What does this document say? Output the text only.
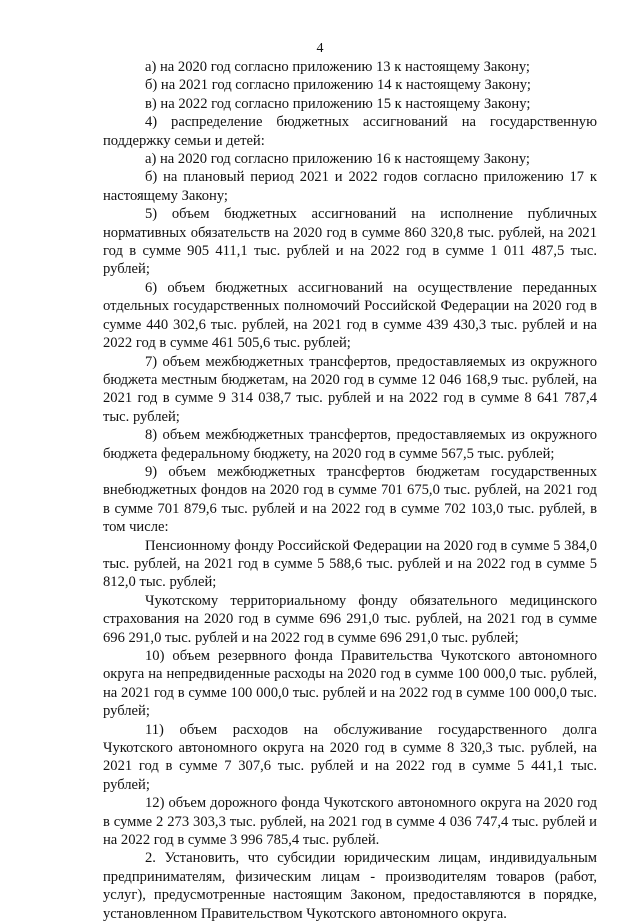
4

а) на 2020 год согласно приложению 13 к настоящему Закону;

б) на 2021 год согласно приложению 14 к настоящему Закону;

в) на 2022 год согласно приложению 15 к настоящему Закону;

4) распределение бюджетных ассигнований на государственную поддержку семьи и детей:

а) на 2020 год согласно приложению 16 к настоящему Закону;

б) на плановый период 2021 и 2022 годов согласно приложению 17 к настоящему Закону;

5) объем бюджетных ассигнований на исполнение публичных нормативных обязательств на 2020 год в сумме 860 320,8 тыс. рублей, на 2021 год в сумме 905 411,1 тыс. рублей и на 2022 год в сумме 1 011 487,5 тыс. рублей;

6) объем бюджетных ассигнований на осуществление переданных отдельных государственных полномочий Российской Федерации на 2020 год в сумме 440 302,6 тыс. рублей, на 2021 год в сумме 439 430,3 тыс. рублей и на 2022 год в сумме 461 505,6 тыс. рублей;

7) объем межбюджетных трансфертов, предоставляемых из окружного бюджета местным бюджетам, на 2020 год в сумме 12 046 168,9 тыс. рублей, на 2021 год в сумме 9 314 038,7 тыс. рублей и на 2022 год в сумме 8 641 787,4 тыс. рублей;

8) объем межбюджетных трансфертов, предоставляемых из окружного бюджета федеральному бюджету, на 2020 год в сумме 567,5 тыс. рублей;

9) объем межбюджетных трансфертов бюджетам государственных внебюджетных фондов на 2020 год в сумме 701 675,0 тыс. рублей, на 2021 год в сумме 701 879,6 тыс. рублей и на 2022 год в сумме 702 103,0 тыс. рублей, в том числе:

Пенсионному фонду Российской Федерации на 2020 год в сумме 5 384,0 тыс. рублей, на 2021 год в сумме 5 588,6 тыс. рублей и на 2022 год в сумме 5 812,0 тыс. рублей;

Чукотскому территориальному фонду обязательного медицинского страхования на 2020 год в сумме 696 291,0 тыс. рублей, на 2021 год в сумме 696 291,0 тыс. рублей и на 2022 год в сумме 696 291,0 тыс. рублей;

10) объем резервного фонда Правительства Чукотского автономного округа на непредвиденные расходы на 2020 год в сумме 100 000,0 тыс. рублей, на 2021 год в сумме 100 000,0 тыс. рублей и на 2022 год в сумме 100 000,0 тыс. рублей;

11) объем расходов на обслуживание государственного долга Чукотского автономного округа на 2020 год в сумме 8 320,3 тыс. рублей, на 2021 год в сумме 7 307,6 тыс. рублей и на 2022 год в сумме 5 441,1 тыс. рублей;

12) объем дорожного фонда Чукотского автономного округа на 2020 год в сумме 2 273 303,3 тыс. рублей, на 2021 год в сумме 4 036 747,4 тыс. рублей и на 2022 год в сумме 3 996 785,4 тыс. рублей.

2. Установить, что субсидии юридическим лицам, индивидуальным предпринимателям, физическим лицам - производителям товаров (работ, услуг), предусмотренные настоящим Законом, предоставляются в порядке, установленном Правительством Чукотского автономного округа.
